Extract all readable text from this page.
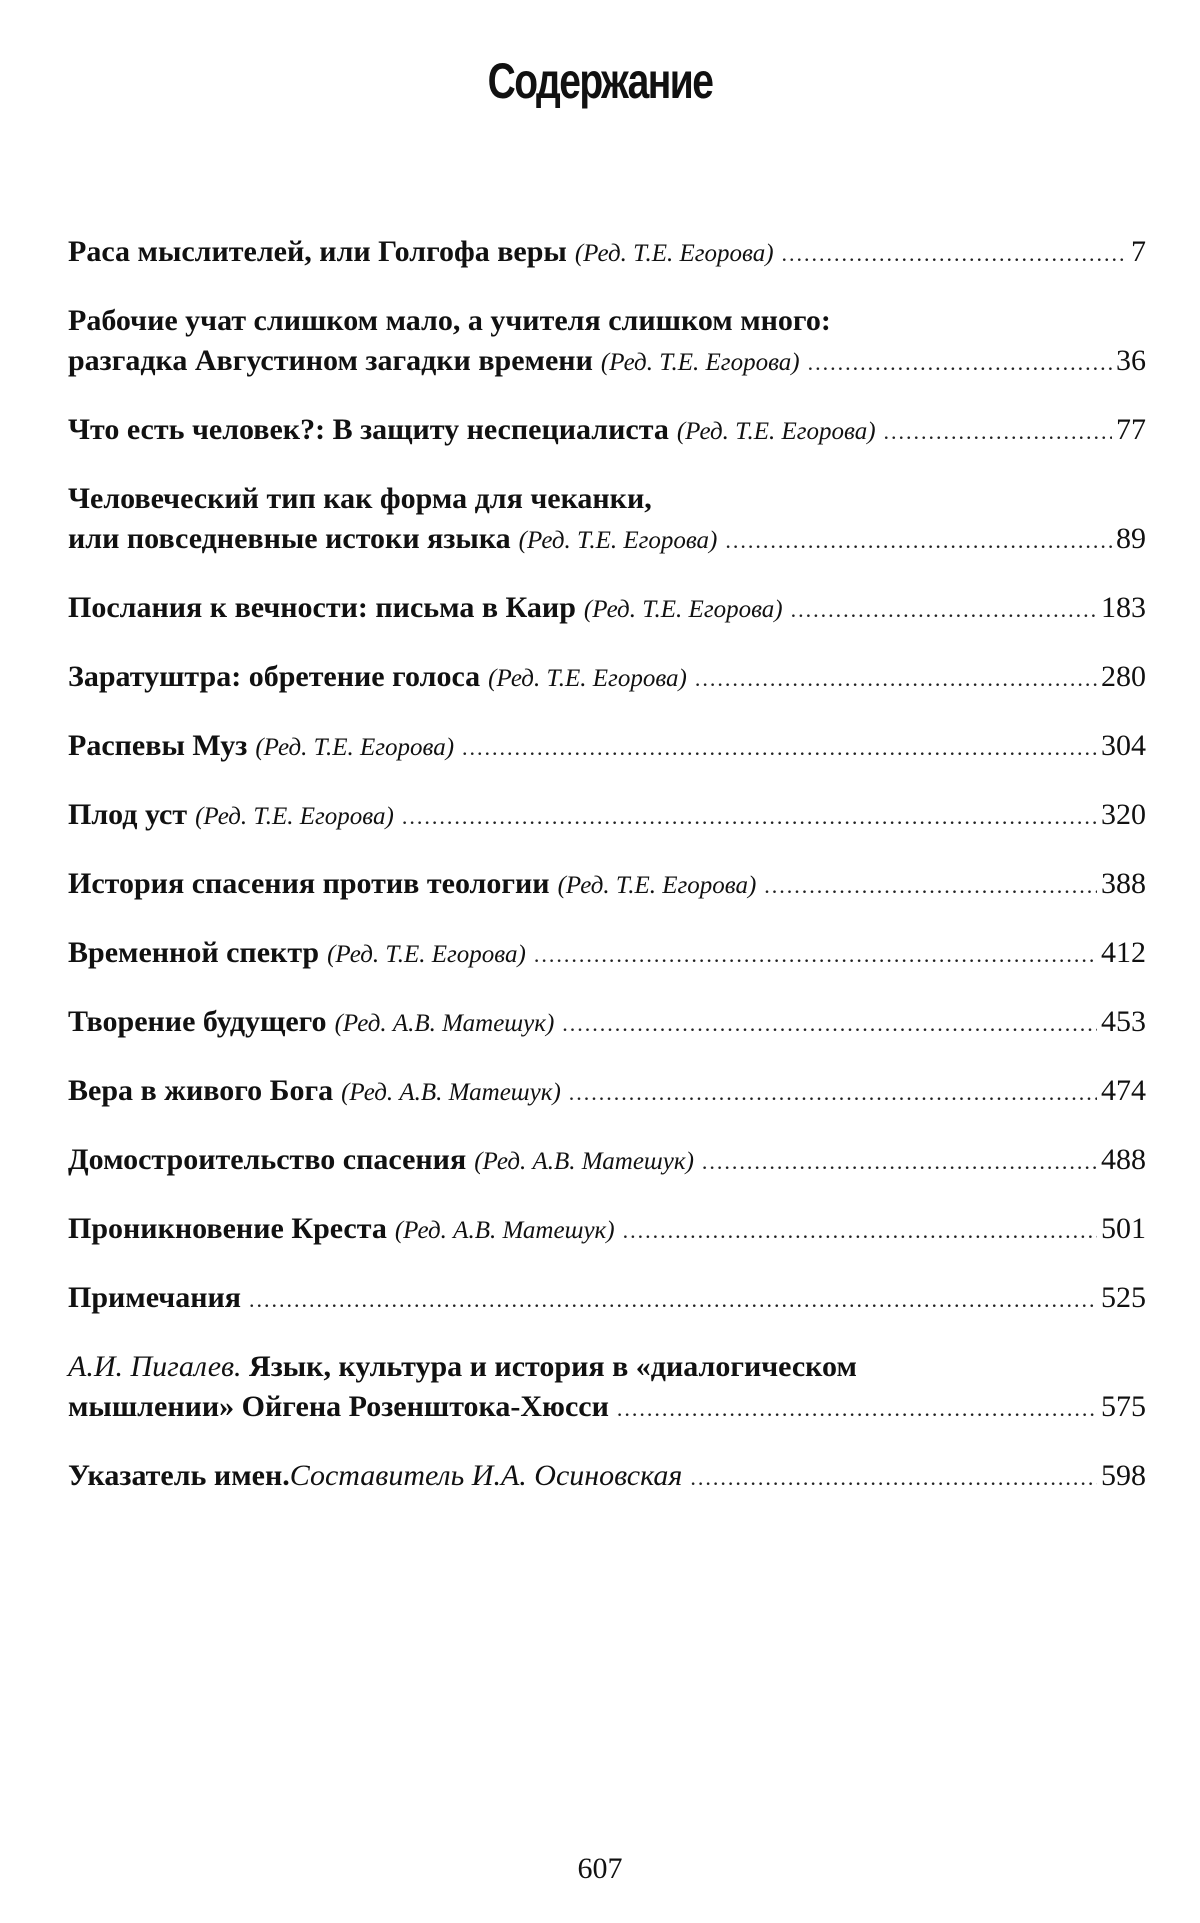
Содержание
Раса мыслителей, или Голгофа веры (Ред. Т.Е. Егорова) .....	7
Рабочие учат слишком мало, а учителя слишком много:
разгадка Августином загадки времени (Ред. Т.Е. Егорова) .....	36
Что есть человек?: В защиту неспециалиста (Ред. Т.Е. Егорова) .....	77
Человеческий тип как форма для чеканки,
или повседневные истоки языка (Ред. Т.Е. Егорова) .....	89
Послания к вечности: письма в Каир (Ред. Т.Е. Егорова) .....	183
Заратуштра: обретение голоса (Ред. Т.Е. Егорова) .....	280
Распевы Муз (Ред. Т.Е. Егорова) .....	304
Плод уст (Ред. Т.Е. Егорова) .....	320
История спасения против теологии (Ред. Т.Е. Егорова) .....	388
Временной спектр (Ред. Т.Е. Егорова) .....	412
Творение будущего (Ред. А.В. Матешук) .....	453
Вера в живого Бога (Ред. А.В. Матешук) .....	474
Домостроительство спасения (Ред. А.В. Матешук) .....	488
Проникновение Креста (Ред. А.В. Матешук) .....	501
Примечания .....	525
А.И. Пигалев. Язык, культура и история в «диалогическом
мышлении» Ойгена Розенштока-Хюсси .....	575
Указатель имен. Составитель И.А. Осиновская .....	598
607
